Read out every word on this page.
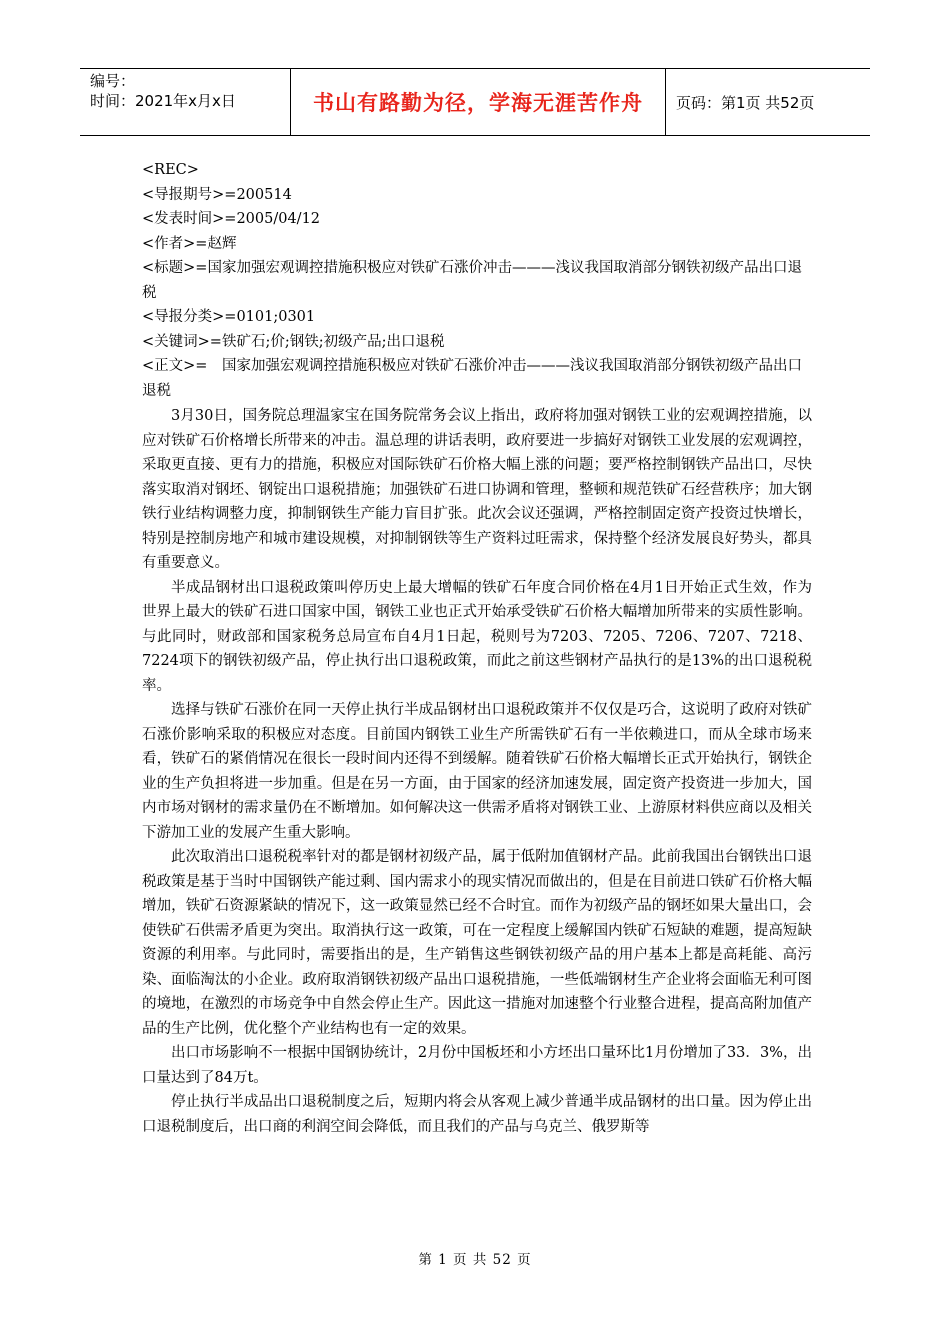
编号：
时间：2021年x月x日	书山有路勤为径，学海无涯苦作舟	页码：第1页 共52页
<REC>
<导报期号>=200514
<发表时间>=2005/04/12
<作者>=赵辉
<标题>=国家加强宏观调控措施积极应对铁矿石涨价冲击———浅议我国取消部分钢铁初级产品出口退税
<导报分类>=0101;0301
<关键词>=铁矿石;价;钢铁;初级产品;出口退税
<正文>=　国家加强宏观调控措施积极应对铁矿石涨价冲击———浅议我国取消部分钢铁初级产品出口退税

3月30日，国务院总理温家宝在国务院常务会议上指出，政府将加强对钢铁工业的宏观调控措施，以应对铁矿石价格增长所带来的冲击。温总理的讲话表明，政府要进一步搞好对钢铁工业发展的宏观调控，采取更直接、更有力的措施，积极应对国际铁矿石价格大幅上涨的问题；要严格控制钢铁产品出口，尽快落实取消对钢坯、钢锭出口退税措施；加强铁矿石进口协调和管理，整顿和规范铁矿石经营秩序；加大钢铁行业结构调整力度，抑制钢铁生产能力盲目扩张。此次会议还强调，严格控制固定资产投资过快增长，特别是控制房地产和城市建设规模，对抑制钢铁等生产资料过旺需求，保持整个经济发展良好势头，都具有重要意义。

半成品钢材出口退税政策叫停历史上最大增幅的铁矿石年度合同价格在4月1日开始正式生效，作为世界上最大的铁矿石进口国家中国，钢铁工业也正式开始承受铁矿石价格大幅增加所带来的实质性影响。与此同时，财政部和国家税务总局宣布自4月1日起，税则号为7203、7205、7206、7207、7218、7224项下的钢铁初级产品，停止执行出口退税政策，而此之前这些钢材产品执行的是13%的出口退税税率。

选择与铁矿石涨价在同一天停止执行半成品钢材出口退税政策并不仅仅是巧合，这说明了政府对铁矿石涨价影响采取的积极应对态度。目前国内钢铁工业生产所需铁矿石有一半依赖进口，而从全球市场来看，铁矿石的紧俏情况在很长一段时间内还得不到缓解。随着铁矿石价格大幅增长正式开始执行，钢铁企业的生产负担将进一步加重。但是在另一方面，由于国家的经济加速发展，固定资产投资进一步加大，国内市场对钢材的需求量仍在不断增加。如何解决这一供需矛盾将对钢铁工业、上游原材料供应商以及相关下游加工业的发展产生重大影响。

此次取消出口退税税率针对的都是钢材初级产品，属于低附加值钢材产品。此前我国出台钢铁出口退税政策是基于当时中国钢铁产能过剩、国内需求小的现实情况而做出的，但是在目前进口铁矿石价格大幅增加，铁矿石资源紧缺的情况下，这一政策显然已经不合时宜。而作为初级产品的钢坯如果大量出口，会使铁矿石供需矛盾更为突出。取消执行这一政策，可在一定程度上缓解国内铁矿石短缺的难题，提高短缺资源的利用率。与此同时，需要指出的是，生产销售这些钢铁初级产品的用户基本上都是高耗能、高污染、面临淘汰的小企业。政府取消钢铁初级产品出口退税措施，一些低端钢材生产企业将会面临无利可图的境地，在激烈的市场竞争中自然会停止生产。因此这一措施对加速整个行业整合进程，提高高附加值产品的生产比例，优化整个产业结构也有一定的效果。

出口市场影响不一根据中国钢协统计，2月份中国板坯和小方坯出口量环比1月份增加了33．3%，出口量达到了84万t。

停止执行半成品出口退税制度之后，短期内将会从客观上减少普通半成品钢材的出口量。因为停止出口退税制度后，出口商的利润空间会降低，而且我们的产品与乌克兰、俄罗斯等

第 1 页 共 52 页
